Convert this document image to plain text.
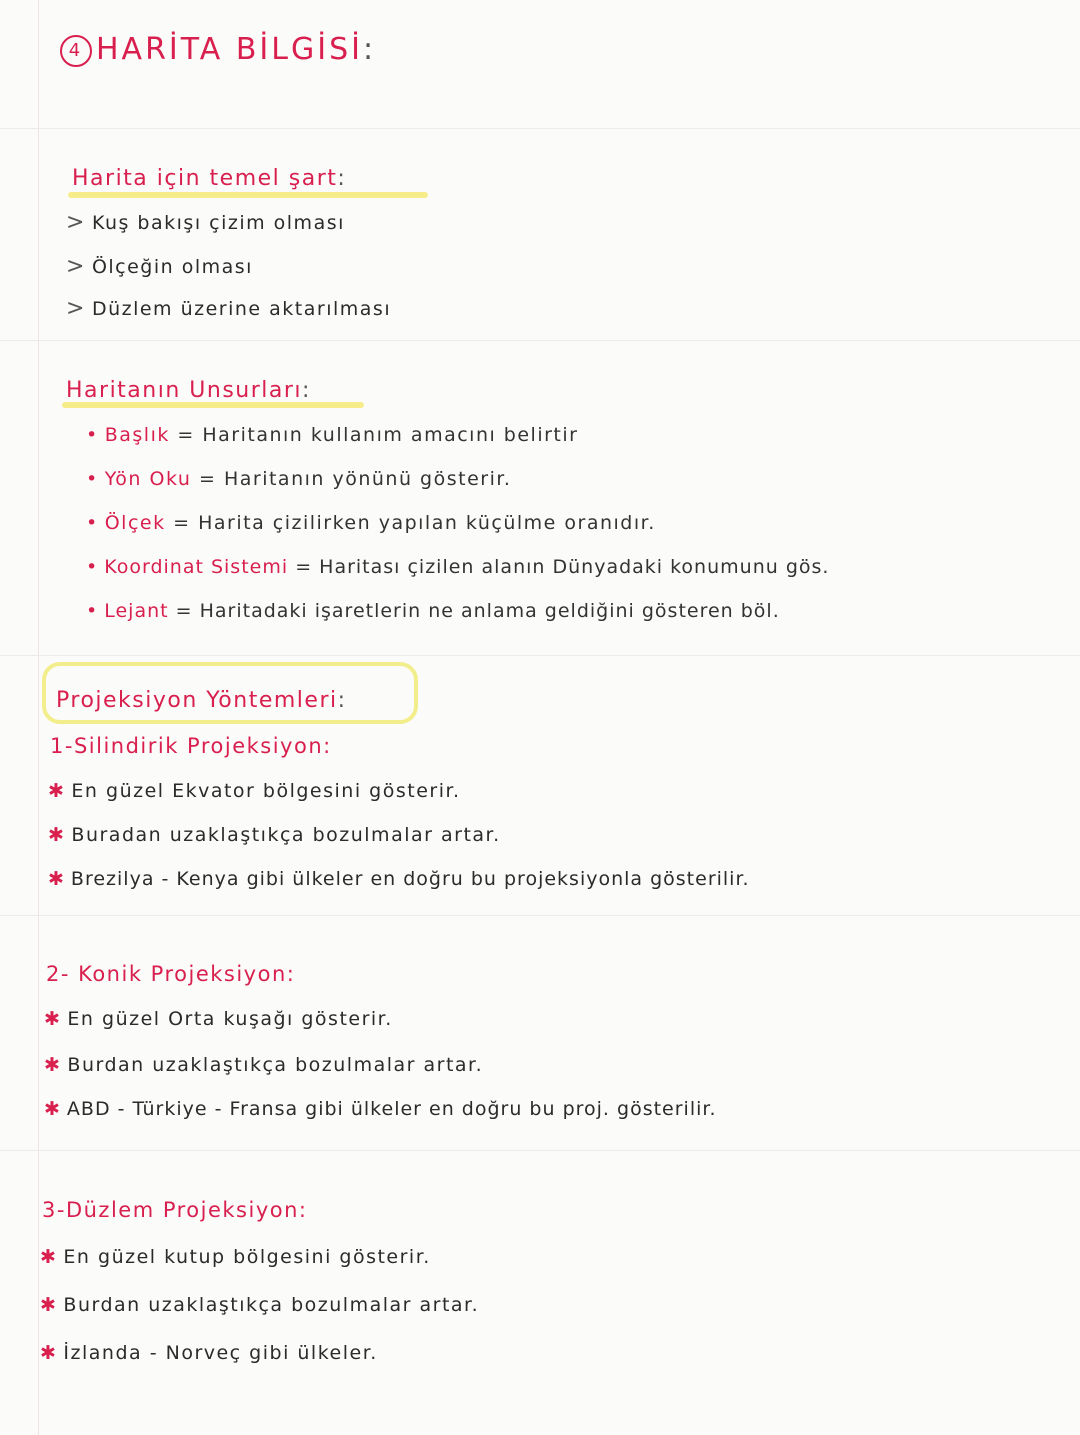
4 HARİTA BİLGİSİ:
Harita için temel şart:
> Kuş bakışı çizim olması
> Ölçeğin olması
> Düzlem üzerine aktarılması
Haritanın Unsurları:
• Başlık = Haritanın kullanım amacını belirtir
• Yön Oku = Haritanın yönünü gösterir.
• Ölçek = Harita çizilirken yapılan küçülme oranıdır.
• Koordinat Sistemi = Haritası çizilen alanın Dünyadaki konumunu gös.
• Lejant = Haritadaki işaretlerin ne anlama geldiğini gösteren böl.
Projeksiyon Yöntemleri:
1-Silindirik Projeksiyon:
✱ En güzel Ekvator bölgesini gösterir.
✱ Buradan uzaklaştıkça bozulmalar artar.
✱ Brezilya - Kenya gibi ülkeler en doğru bu projeksiyonla gösterilir.
2- Konik Projeksiyon:
✱ En güzel Orta kuşağı gösterir.
✱ Burdan uzaklaştıkça bozulmalar artar.
✱ ABD - Türkiye - Fransa gibi ülkeler en doğru bu proj. gösterilir.
3-Düzlem Projeksiyon:
✱ En güzel kutup bölgesini gösterir.
✱ Burdan uzaklaştıkça bozulmalar artar.
✱ İzlanda - Norveç gibi ülkeler.
